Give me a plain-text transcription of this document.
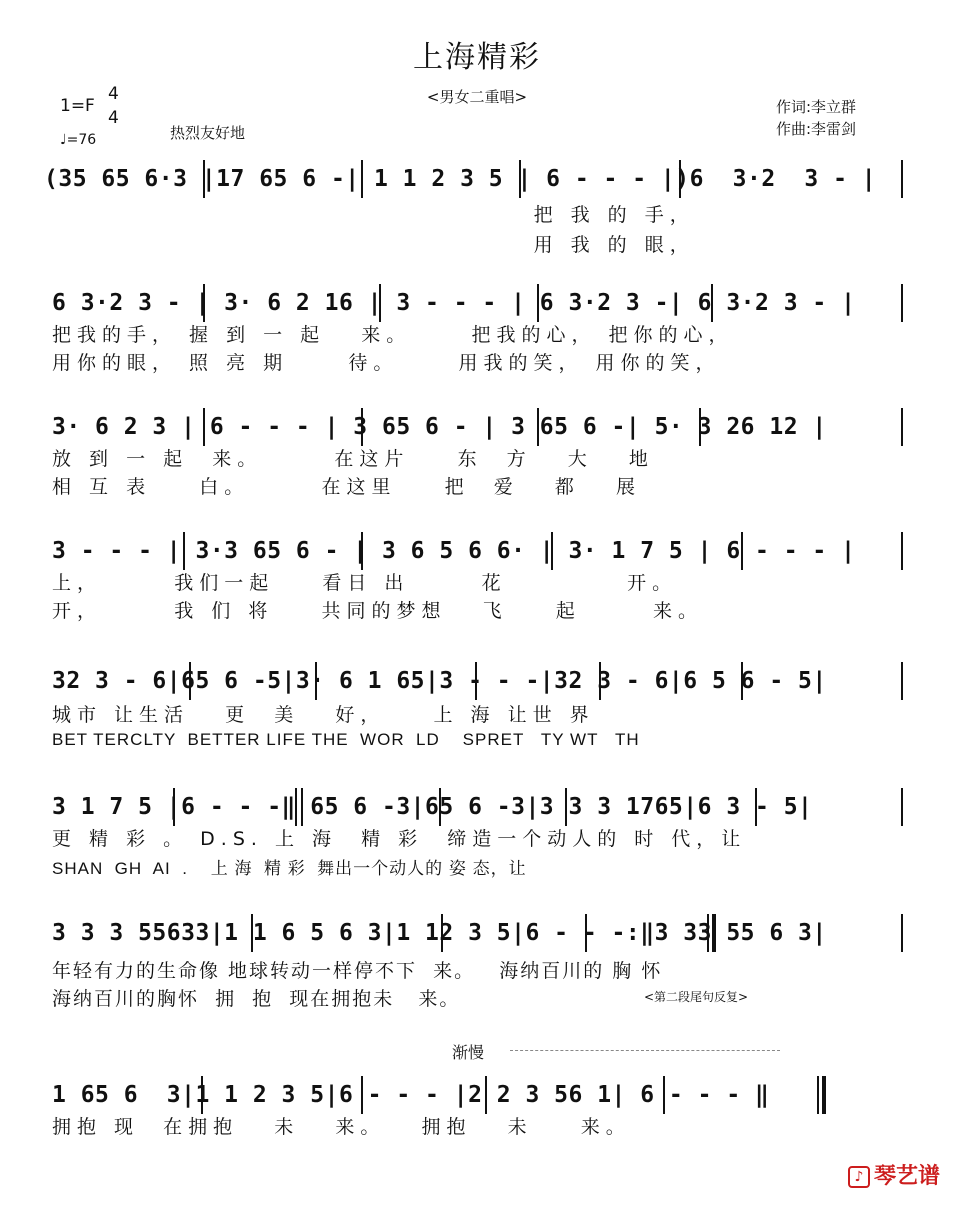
上海精彩
<男女二重唱>
1=F
4
4
♩=76	热烈友好地
作词:李立群
作曲:李雷剑
(35 65 6·3 |17 65 6 -| 1 1 2 3 5 | 6 - - - |)6  3·2  3 - |
把 我 的 手，
用 我 的 眼，
6 3·2 3 - | 3· 6 2 16 | 3 - - - | 6 3·2 3 -| 6 3·2 3 - |
把我的手， 握 到 一 起   来。     把我的心， 把你的心，
用你的眼， 照 亮 期     待。     用我的笑， 用你的笑，
3· 6 2 3 | 6 - - - | 3 65 6 - | 3 65 6 -| 5· 3 26 12 |
放 到 一 起  来。      在这片    东  方   大   地
相 互 表    白。      在这里    把  爱   都   展
3 - - - | 3·3 65 6 - | 3 6 5 6 6· | 3· 1 7 5 | 6 - - - |
上，      我们一起    看日 出      花          开。
开，      我 们 将    共同的梦想   飞    起      来。
32 3 - 6|65 6 -5|3· 6 1 65|3 - - -|32 3 - 6|6 5 6 - 5|
城市 让生活   更  美   好，    上 海 让世 界
BET TERCLTY  BETTER LIFE THE  WOR  LD    SPRET   TY WT   TH
3 1 7 5 |6 - - -‖ 65 6 -3|65 6 -3|3 3 3 1765|6 3 - 5|
更 精 彩 。 D.S. 上 海  精 彩  缔造一个动人的 时 代，让
SHAN  GH  AI  .    上 海  精 彩  舞出一个动人的 姿 态，让
3 3 3 55633|1 1 6 5 6 3|1 12 3 5|6 - - -:‖3 33 55 6 3|
年轻有力的生命像 地球转动一样停不下  来。   海纳百川的 胸 怀
海纳百川的胸怀  拥  抱  现在拥抱未   来。	<第二段尾句反复>
渐慢
1 65 6  3|1 1 2 3 5|6 - - - |2 2 3 56 1| 6 - - - ‖
拥抱 现  在拥抱   未   来。   拥抱   未    来。
♪ 琴艺谱
